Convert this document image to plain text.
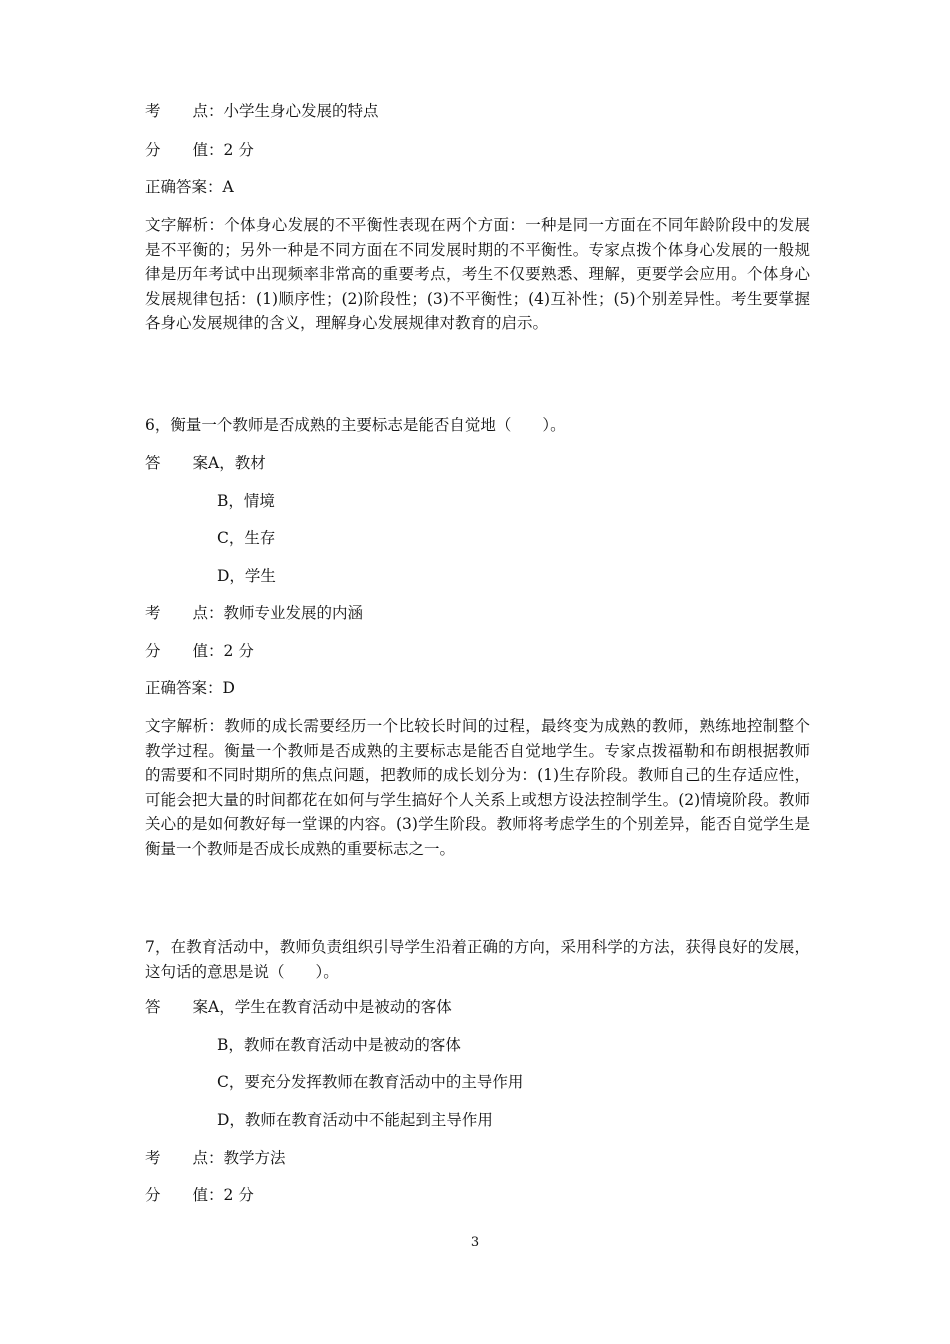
考 点：小学生身心发展的特点
分 值：2 分
正确答案：A
文字解析：个体身心发展的不平衡性表现在两个方面：一种是同一方面在不同年龄阶段中的发展是不平衡的；另外一种是不同方面在不同发展时期的不平衡性。专家点拨个体身心发展的一般规律是历年考试中出现频率非常高的重要考点，考生不仅要熟悉、理解，更要学会应用。个体身心发展规律包括：(1)顺序性；(2)阶段性；(3)不平衡性；(4)互补性；(5)个别差异性。考生要掌握各身心发展规律的含义，理解身心发展规律对教育的启示。
6，衡量一个教师是否成熟的主要标志是能否自觉地（　　）。
答 案A，教材
B，情境
C，生存
D，学生
考 点：教师专业发展的内涵
分 值：2 分
正确答案：D
文字解析：教师的成长需要经历一个比较长时间的过程，最终变为成熟的教师，熟练地控制整个教学过程。衡量一个教师是否成熟的主要标志是能否自觉地学生。专家点拨福勒和布朗根据教师的需要和不同时期所的焦点问题，把教师的成长划分为：(1)生存阶段。教师自己的生存适应性，可能会把大量的时间都花在如何与学生搞好个人关系上或想方设法控制学生。(2)情境阶段。教师关心的是如何教好每一堂课的内容。(3)学生阶段。教师将考虑学生的个别差异，能否自觉学生是衡量一个教师是否成长成熟的重要标志之一。
7，在教育活动中，教师负责组织引导学生沿着正确的方向，采用科学的方法，获得良好的发展，这句话的意思是说（　　）。
答 案A，学生在教育活动中是被动的客体
B，教师在教育活动中是被动的客体
C，要充分发挥教师在教育活动中的主导作用
D，教师在教育活动中不能起到主导作用
考 点：教学方法
分 值：2 分
3
